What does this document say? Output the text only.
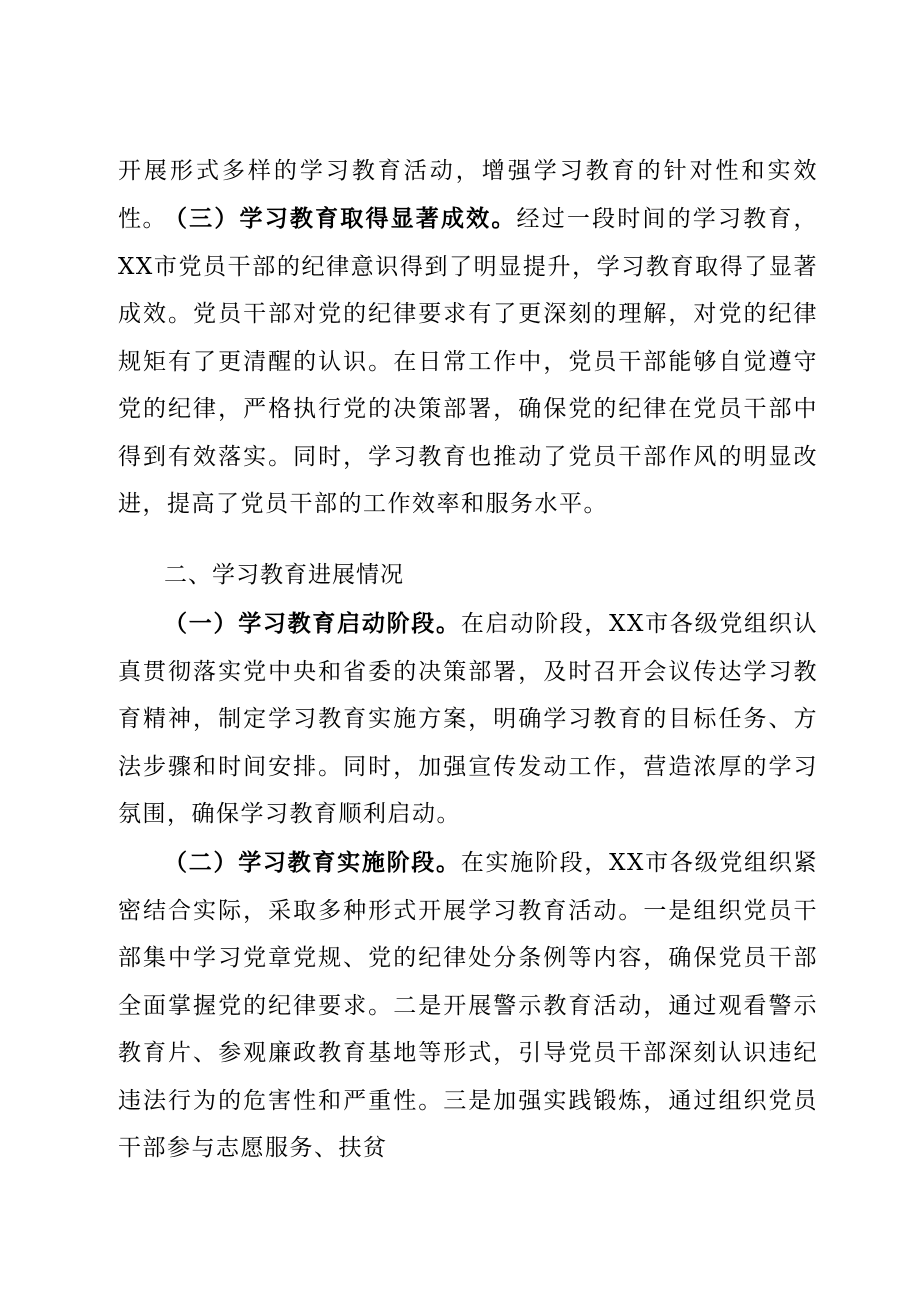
开展形式多样的学习教育活动，增强学习教育的针对性和实效性。

（三）学习教育取得显著成效。经过一段时间的学习教育，XX市党员干部的纪律意识得到了明显提升，学习教育取得了显著成效。党员干部对党的纪律要求有了更深刻的理解，对党的纪律规矩有了更清醒的认识。在日常工作中，党员干部能够自觉遵守党的纪律，严格执行党的决策部署，确保党的纪律在党员干部中得到有效落实。同时，学习教育也推动了党员干部作风的明显改进，提高了党员干部的工作效率和服务水平。

二、学习教育进展情况

（一）学习教育启动阶段。在启动阶段，XX市各级党组织认真贯彻落实党中央和省委的决策部署，及时召开会议传达学习教育精神，制定学习教育实施方案，明确学习教育的目标任务、方法步骤和时间安排。同时，加强宣传发动工作，营造浓厚的学习氛围，确保学习教育顺利启动。

（二）学习教育实施阶段。在实施阶段，XX市各级党组织紧密结合实际，采取多种形式开展学习教育活动。一是组织党员干部集中学习党章党规、党的纪律处分条例等内容，确保党员干部全面掌握党的纪律要求。二是开展警示教育活动，通过观看警示教育片、参观廉政教育基地等形式，引导党员干部深刻认识违纪违法行为的危害性和严重性。三是加强实践锻炼，通过组织党员干部参与志愿服务、扶贫
